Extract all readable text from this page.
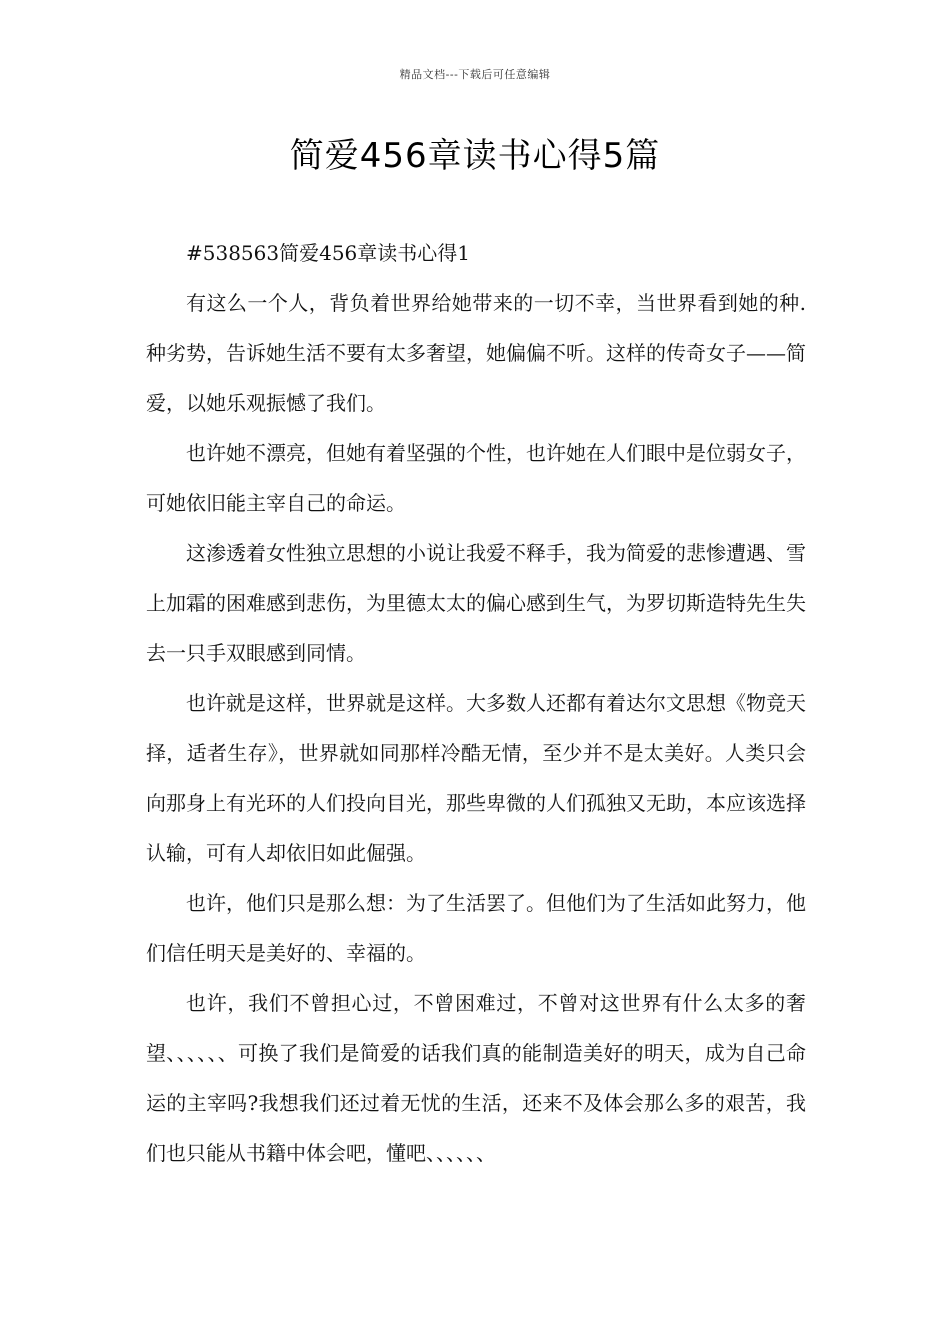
精品文档---下载后可任意编辑
简爱456章读书心得5篇

#538563简爱456章读书心得1

有这么一个人，背负着世界给她带来的一切不幸，当世界看到她的种.种劣势，告诉她生活不要有太多奢望，她偏偏不听。这样的传奇女子——简爱，以她乐观振憾了我们。

也许她不漂亮，但她有着坚强的个性，也许她在人们眼中是位弱女子，可她依旧能主宰自己的命运。

这渗透着女性独立思想的小说让我爱不释手，我为简爱的悲惨遭遇、雪上加霜的困难感到悲伤，为里德太太的偏心感到生气，为罗切斯造特先生失去一只手双眼感到同情。

也许就是这样，世界就是这样。大多数人还都有着达尔文思想《物竞天择，适者生存》，世界就如同那样冷酷无情，至少并不是太美好。人类只会向那身上有光环的人们投向目光，那些卑微的人们孤独又无助，本应该选择认输，可有人却依旧如此倔强。

也许，他们只是那么想：为了生活罢了。但他们为了生活如此努力，他们信任明天是美好的、幸福的。

也许，我们不曾担心过，不曾困难过，不曾对这世界有什么太多的奢望、、、、、、可换了我们是简爱的话我们真的能制造美好的明天，成为自己命运的主宰吗?我想我们还过着无忧的生活，还来不及体会那么多的艰苦，我们也只能从书籍中体会吧，懂吧、、、、、、
